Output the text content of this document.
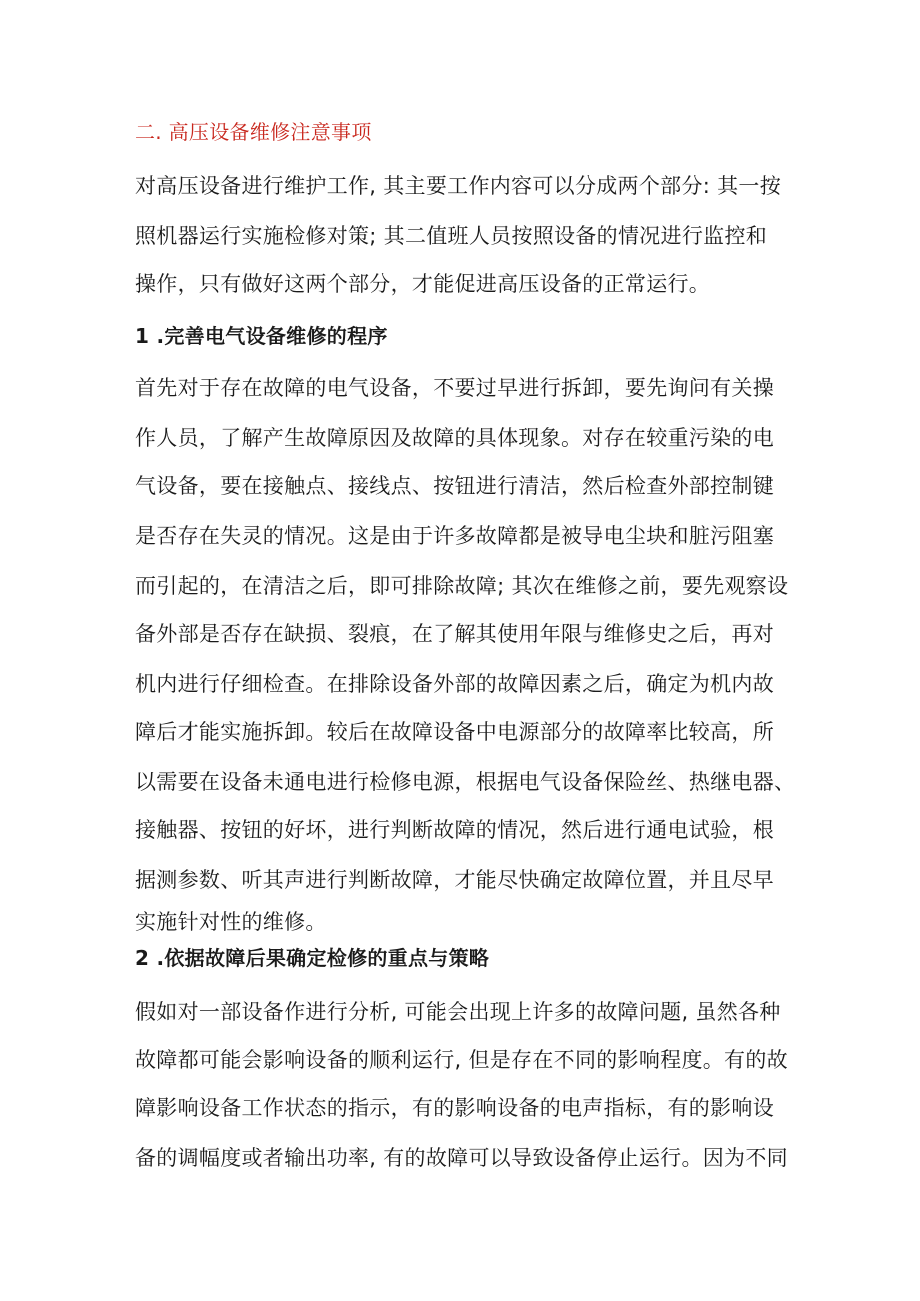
二. 高压设备维修注意事项
对高压设备进行维护工作, 其主要工作内容可以分成两个部分: 其一按
照机器运行实施检修对策; 其二值班人员按照设备的情况进行监控和
操作，只有做好这两个部分，才能促进高压设备的正常运行。
1 .完善电气设备维修的程序
首先对于存在故障的电气设备，不要过早进行拆卸，要先询问有关操
作人员，了解产生故障原因及故障的具体现象。对存在较重污染的电
气设备，要在接触点、接线点、按钮进行清洁，然后检查外部控制键
是否存在失灵的情况。这是由于许多故障都是被导电尘块和脏污阻塞
而引起的，在清洁之后，即可排除故障; 其次在维修之前，要先观察设
备外部是否存在缺损、裂痕，在了解其使用年限与维修史之后，再对
机内进行仔细检查。在排除设备外部的故障因素之后，确定为机内故
障后才能实施拆卸。较后在故障设备中电源部分的故障率比较高，所
以需要在设备未通电进行检修电源，根据电气设备保险丝、热继电器、
接触器、按钮的好坏，进行判断故障的情况，然后进行通电试验，根
据测参数、听其声进行判断故障，才能尽快确定故障位置，并且尽早
实施针对性的维修。
2 .依据故障后果确定检修的重点与策略
假如对一部设备作进行分析, 可能会出现上许多的故障问题, 虽然各种
故障都可能会影响设备的顺利运行, 但是存在不同的影响程度。有的故
障影响设备工作状态的指示，有的影响设备的电声指标，有的影响设
备的调幅度或者输出功率, 有的故障可以导致设备停止运行。因为不同
